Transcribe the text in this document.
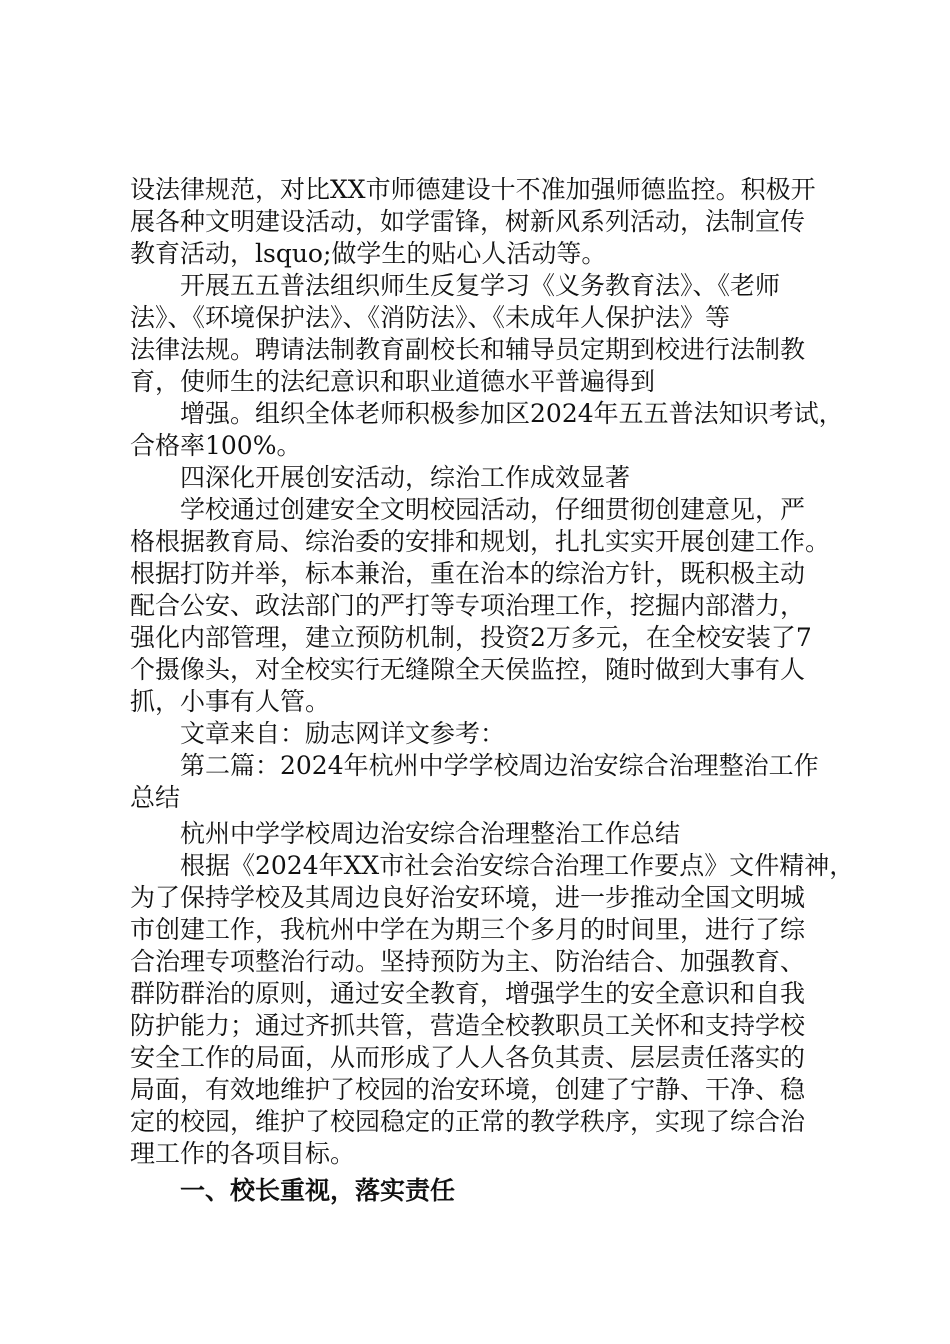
设法律规范，对比XX市师德建设十不准加强师德监控。积极开
展各种文明建设活动，如学雷锋，树新风系列活动，法制宣传
教育活动，lsquo;做学生的贴心人活动等。
开展五五普法组织师生反复学习《义务教育法》、《老师
法》、《环境保护法》、《消防法》、《未成年人保护法》等
法律法规。聘请法制教育副校长和辅导员定期到校进行法制教
育，使师生的法纪意识和职业道德水平普遍得到
增强。组织全体老师积极参加区2024年五五普法知识考试，
合格率100%。
四深化开展创安活动，综治工作成效显著
学校通过创建安全文明校园活动，仔细贯彻创建意见，严
格根据教育局、综治委的安排和规划，扎扎实实开展创建工作。
根据打防并举，标本兼治，重在治本的综治方针，既积极主动
配合公安、政法部门的严打等专项治理工作，挖掘内部潜力，
强化内部管理，建立预防机制，投资2万多元，在全校安装了7
个摄像头，对全校实行无缝隙全天侯监控，随时做到大事有人
抓，小事有人管。
文章来自：励志网详文参考：
第二篇：2024年杭州中学学校周边治安综合治理整治工作
总结
杭州中学学校周边治安综合治理整治工作总结
根据《2024年XX市社会治安综合治理工作要点》文件精神，
为了保持学校及其周边良好治安环境，进一步推动全国文明城
市创建工作，我杭州中学在为期三个多月的时间里，进行了综
合治理专项整治行动。坚持预防为主、防治结合、加强教育、
群防群治的原则，通过安全教育，增强学生的安全意识和自我
防护能力；通过齐抓共管，营造全校教职员工关怀和支持学校
安全工作的局面，从而形成了人人各负其责、层层责任落实的
局面，有效地维护了校园的治安环境，创建了宁静、干净、稳
定的校园，维护了校园稳定的正常的教学秩序，实现了综合治
理工作的各项目标。
一、校长重视，落实责任
